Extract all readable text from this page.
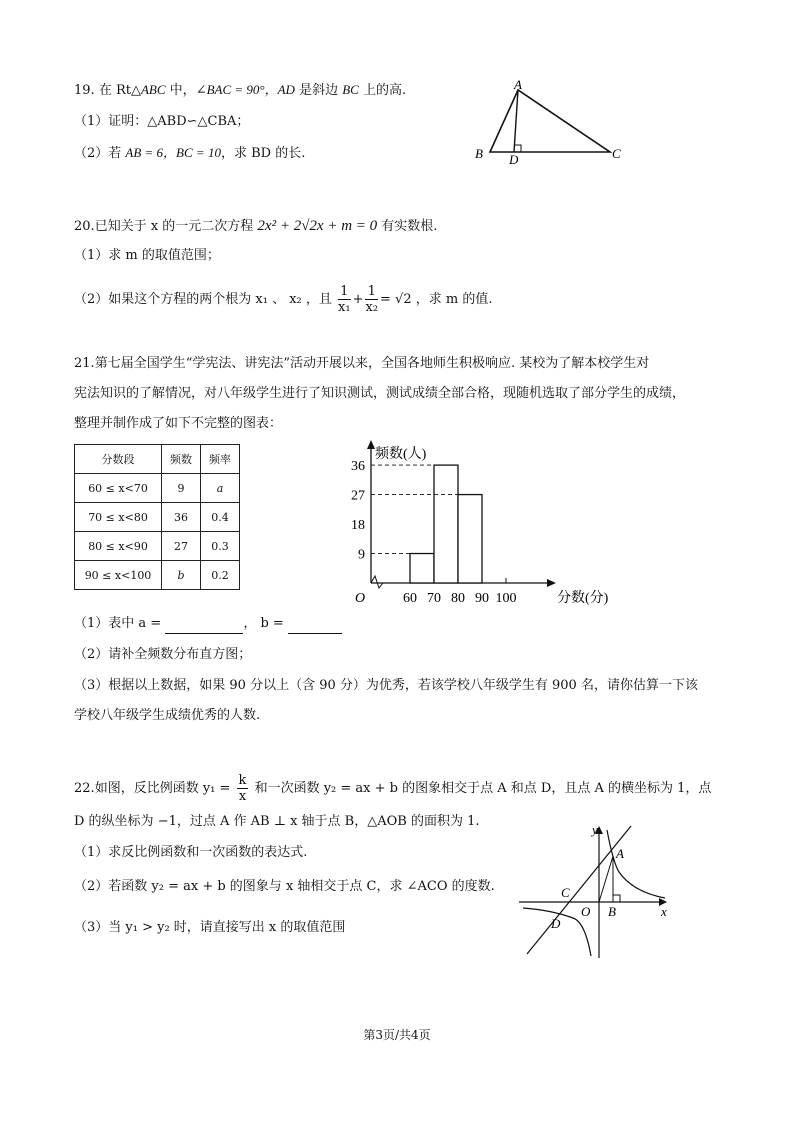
19. 在 Rt△ABC 中，∠BAC = 90°，AD 是斜边 BC 上的高.
（1）证明：△ABD∽△CBA；
（2）若 AB = 6，BC = 10，求 BD 的长.
A
B	C
D
20.已知关于 x 的一元二次方程 2x² + 2√2x + m = 0 有实数根.
（1）求 m 的取值范围；
（2）如果这个方程的两个根为 x₁ 、 x₂ ，且 $\frac{1}{\text{x₁}} + \frac{1}{\text{x₂}} = √2$ ，求 m 的值.
21.第七届全国学生“学宪法、讲宪法”活动开展以来，全国各地师生积极响应. 某校为了解本校学生对
宪法知识的了解情况，对八年级学生进行了知识测试，测试成绩全部合格，现随机选取了部分学生的成绩，
整理并制作成了如下不完整的图表：
分数段	频数	频率
60 ≤ x<70	9	a
70 ≤ x<80	36	0.4
80 ≤ x<90	27	0.3
90 ≤ x<100	b	0.2
频数(人)
分数(分)
O
9
18
27
36
60 70 80 90 100
（1）表中 a =	， b =
（2）请补全频数分布直方图；
（3）根据以上数据，如果 90 分以上（含 90 分）为优秀，若该学校八年级学生有 900 名，请你估算一下该
学校八年级学生成绩优秀的人数.
22.如图，反比例函数 $y_1 = \frac{k}{x}$ 和一次函数 y₂ = ax + b 的图象相交于点 A 和点 D，且点 A 的横坐标为 1，点
D 的纵坐标为 −1，过点 A 作 AB ⊥ x 轴于点 B，△AOB 的面积为 1.
（1）求反比例函数和一次函数的表达式.
（2）若函数 y₂ = ax + b 的图象与 x 轴相交于点 C，求 ∠ACO 的度数.
（3）当 y₁ > y₂ 时，请直接写出 x 的取值范围
y
x
A
B
C
D
O
第3页/共4页
